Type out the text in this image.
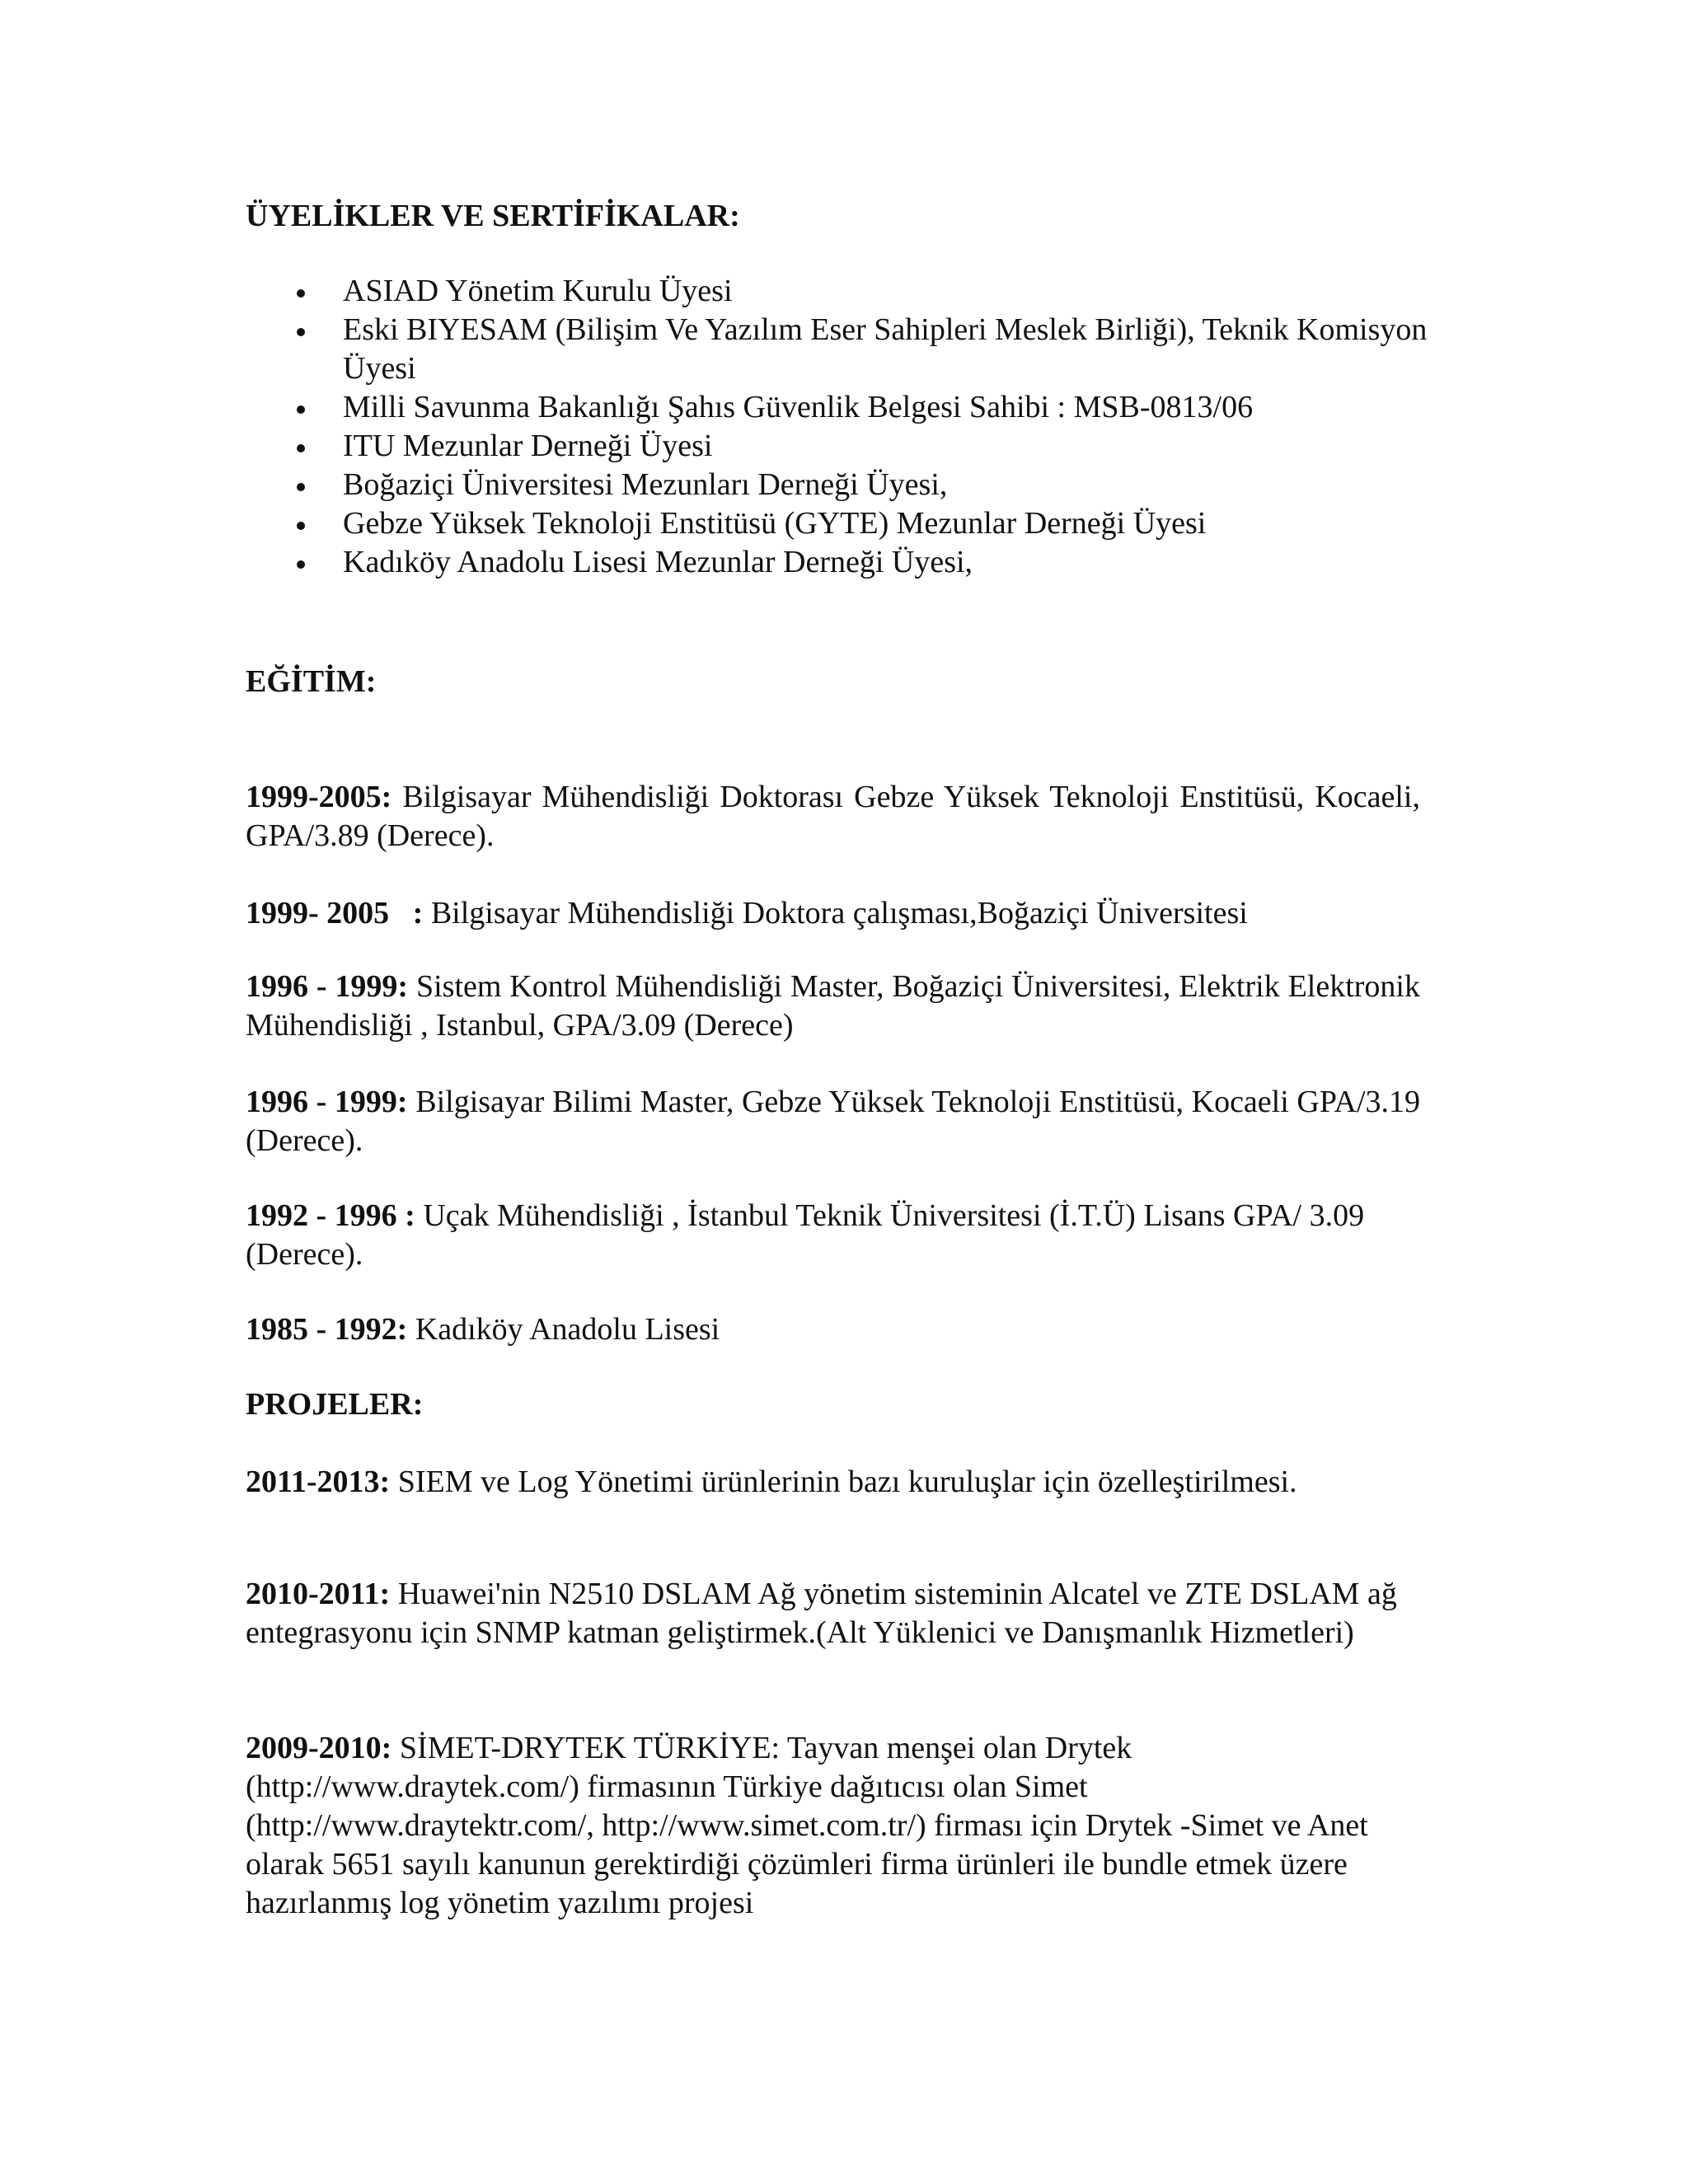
ÜYELİKLER VE SERTİFİKALAR:
ASIAD Yönetim Kurulu Üyesi
Eski BIYESAM (Bilişim Ve Yazılım Eser Sahipleri Meslek Birliği), Teknik Komisyon Üyesi
Milli Savunma Bakanlığı Şahıs Güvenlik Belgesi Sahibi : MSB-0813/06
ITU Mezunlar Derneği Üyesi
Boğaziçi Üniversitesi Mezunları Derneği Üyesi,
Gebze Yüksek Teknoloji Enstitüsü (GYTE) Mezunlar Derneği Üyesi
Kadıköy Anadolu Lisesi Mezunlar Derneği Üyesi,
EĞİTİM:

1999-2005: Bilgisayar Mühendisliği Doktorası Gebze Yüksek Teknoloji Enstitüsü, Kocaeli, GPA/3.89 (Derece).

1999- 2005   : Bilgisayar Mühendisliği Doktora çalışması,Boğaziçi Üniversitesi

1996 - 1999: Sistem Kontrol Mühendisliği Master, Boğaziçi Üniversitesi, Elektrik Elektronik Mühendisliği , Istanbul, GPA/3.09 (Derece)

1996 - 1999: Bilgisayar Bilimi Master, Gebze Yüksek Teknoloji Enstitüsü, Kocaeli GPA/3.19 (Derece).

1992 - 1996 : Uçak Mühendisliği , İstanbul Teknik Üniversitesi (İ.T.Ü) Lisans GPA/ 3.09 (Derece).

1985 - 1992: Kadıköy Anadolu Lisesi

PROJELER:

2011-2013: SIEM ve Log Yönetimi ürünlerinin bazı kuruluşlar için özelleştirilmesi.

2010-2011: Huawei'nin N2510 DSLAM Ağ yönetim sisteminin Alcatel ve ZTE DSLAM ağ entegrasyonu için SNMP katman geliştirmek.(Alt Yüklenici ve Danışmanlık Hizmetleri)

2009-2010: SİMET-DRYTEK TÜRKİYE: Tayvan menşei olan Drytek (http://www.draytek.com/) firmasının Türkiye dağıtıcısı olan Simet (http://www.draytektr.com/, http://www.simet.com.tr/) firması için Drytek -Simet ve Anet olarak 5651 sayılı kanunun gerektirdiği çözümleri firma ürünleri ile bundle etmek üzere hazırlanmış log yönetim yazılımı projesi
